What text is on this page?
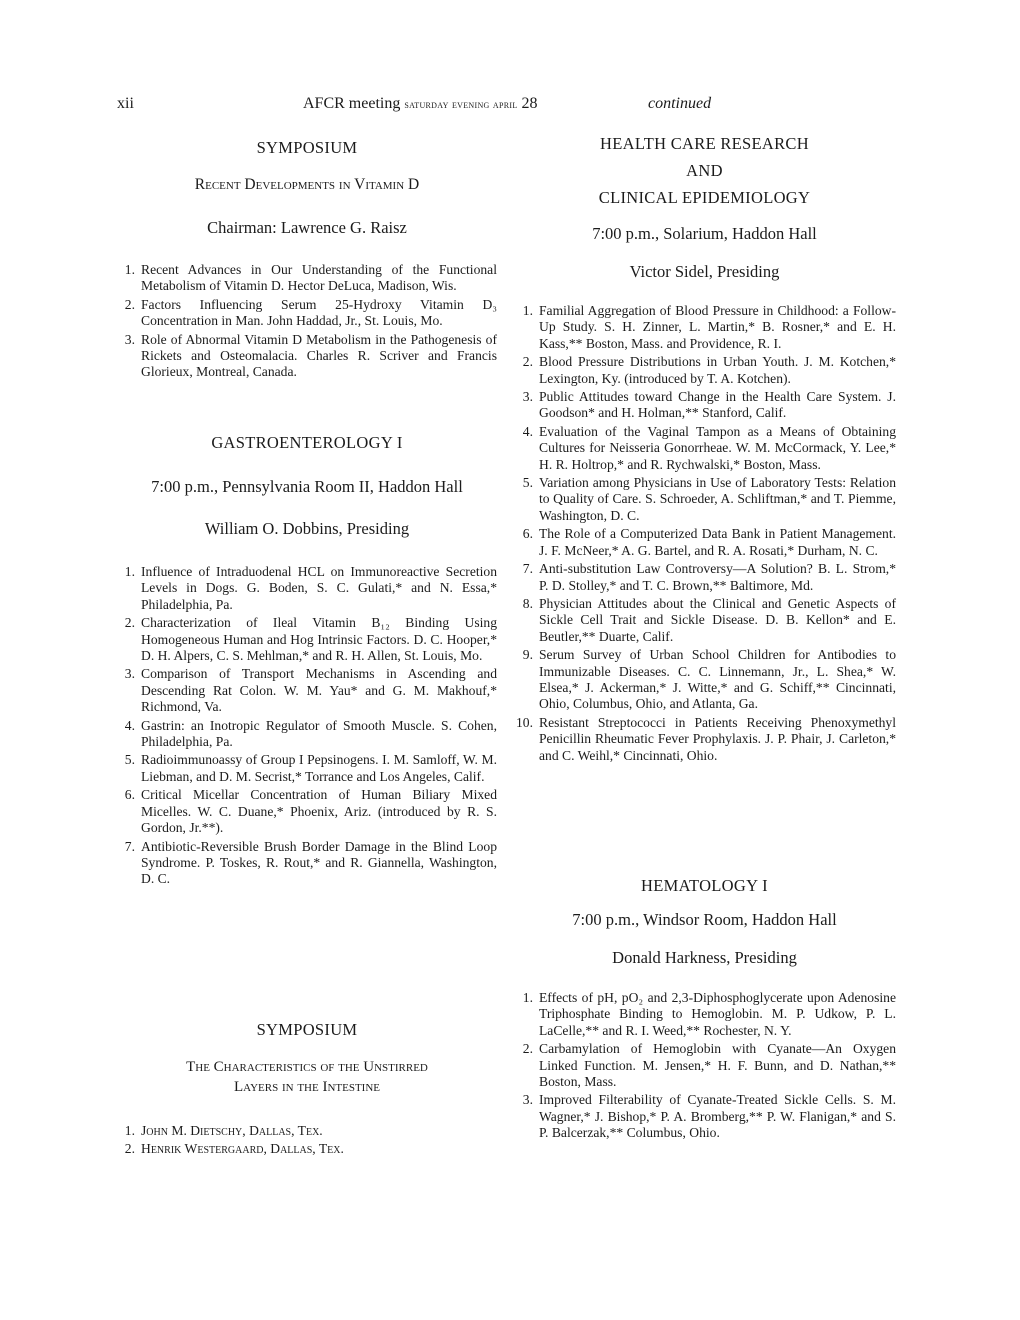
xii	AFCR meeting saturday evening april 28	continued
SYMPOSIUM
Recent Developments in Vitamin D
Chairman: Lawrence G. Raisz
1. Recent Advances in Our Understanding of the Functional Metabolism of Vitamin D. Hector DeLuca, Madison, Wis.
2. Factors Influencing Serum 25-Hydroxy Vitamin D₃ Concentration in Man. John Haddad, Jr., St. Louis, Mo.
3. Role of Abnormal Vitamin D Metabolism in the Pathogenesis of Rickets and Osteomalacia. Charles R. Scriver and Francis Glorieux, Montreal, Canada.
GASTROENTEROLOGY I
7:00 p.m., Pennsylvania Room II, Haddon Hall
William O. Dobbins, Presiding
1. Influence of Intraduodenal HCL on Immunoreactive Secretion Levels in Dogs. G. Boden, S. C. Gulati,* and N. Essa,* Philadelphia, Pa.
2. Characterization of Ileal Vitamin B₁₂ Binding Using Homogeneous Human and Hog Intrinsic Factors. D. C. Hooper,* D. H. Alpers, C. S. Mehlman,* and R. H. Allen, St. Louis, Mo.
3. Comparison of Transport Mechanisms in Ascending and Descending Rat Colon. W. M. Yau* and G. M. Makhouf,* Richmond, Va.
4. Gastrin: an Inotropic Regulator of Smooth Muscle. S. Cohen, Philadelphia, Pa.
5. Radioimmunoassy of Group I Pepsinogens. I. M. Samloff, W. M. Liebman, and D. M. Secrist,* Torrance and Los Angeles, Calif.
6. Critical Micellar Concentration of Human Biliary Mixed Micelles. W. C. Duane,* Phoenix, Ariz. (introduced by R. S. Gordon, Jr.**).
7. Antibiotic-Reversible Brush Border Damage in the Blind Loop Syndrome. P. Toskes, R. Rout,* and R. Giannella, Washington, D. C.
SYMPOSIUM
The Characteristics of the Unstirred
Layers in the Intestine
1. John M. Dietschy, Dallas, Tex.
2. Henrik Westergaard, Dallas, Tex.
HEALTH CARE RESEARCH
AND
CLINICAL EPIDEMIOLOGY
7:00 p.m., Solarium, Haddon Hall
Victor Sidel, Presiding
1. Familial Aggregation of Blood Pressure in Childhood: a Follow-Up Study. S. H. Zinner, L. Martin,* B. Rosner,* and E. H. Kass,** Boston, Mass. and Providence, R. I.
2. Blood Pressure Distributions in Urban Youth. J. M. Kotchen,* Lexington, Ky. (introduced by T. A. Kotchen).
3. Public Attitudes toward Change in the Health Care System. J. Goodson* and H. Holman,** Stanford, Calif.
4. Evaluation of the Vaginal Tampon as a Means of Obtaining Cultures for Neisseria Gonorrheae. W. M. McCormack, Y. Lee,* H. R. Holtrop,* and R. Rychwalski,* Boston, Mass.
5. Variation among Physicians in Use of Laboratory Tests: Relation to Quality of Care. S. Schroeder, A. Schliftman,* and T. Piemme, Washington, D. C.
6. The Role of a Computerized Data Bank in Patient Management. J. F. McNeer,* A. G. Bartel, and R. A. Rosati,* Durham, N. C.
7. Anti-substitution Law Controversy—A Solution? B. L. Strom,* P. D. Stolley,* and T. C. Brown,** Baltimore, Md.
8. Physician Attitudes about the Clinical and Genetic Aspects of Sickle Cell Trait and Sickle Disease. D. B. Kellon* and E. Beutler,** Duarte, Calif.
9. Serum Survey of Urban School Children for Antibodies to Immunizable Diseases. C. C. Linnemann, Jr., L. Shea,* W. Elsea,* J. Ackerman,* J. Witte,* and G. Schiff,** Cincinnati, Ohio, Columbus, Ohio, and Atlanta, Ga.
10. Resistant Streptococci in Patients Receiving Phenoxymethyl Penicillin Rheumatic Fever Prophylaxis. J. P. Phair, J. Carleton,* and C. Weihl,* Cincinnati, Ohio.
HEMATOLOGY I
7:00 p.m., Windsor Room, Haddon Hall
Donald Harkness, Presiding
1. Effects of pH, pO₂ and 2,3-Diphosphoglycerate upon Adenosine Triphosphate Binding to Hemoglobin. M. P. Udkow, P. L. LaCelle,** and R. I. Weed,** Rochester, N. Y.
2. Carbamylation of Hemoglobin with Cyanate—An Oxygen Linked Function. M. Jensen,* H. F. Bunn, and D. Nathan,** Boston, Mass.
3. Improved Filterability of Cyanate-Treated Sickle Cells. S. M. Wagner,* J. Bishop,* P. A. Bromberg,** P. W. Flanigan,* and S. P. Balcerzak,** Columbus, Ohio.
